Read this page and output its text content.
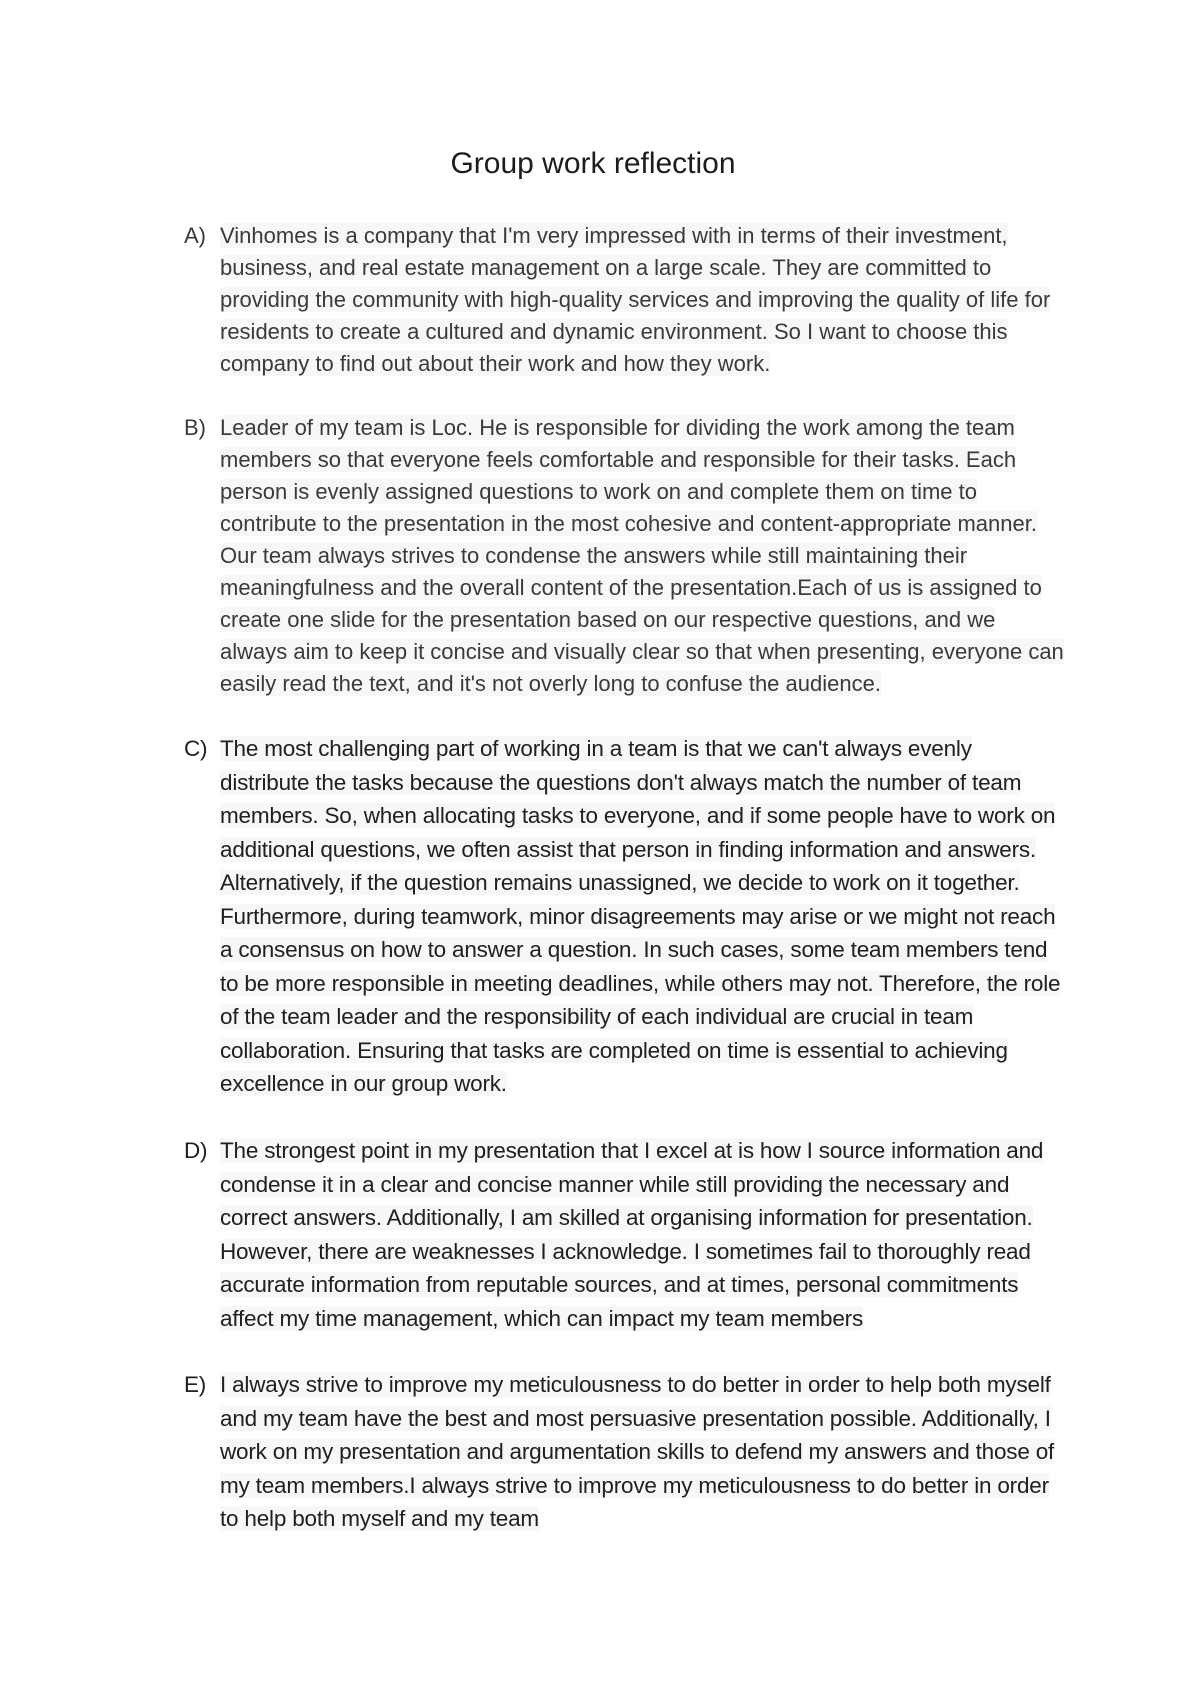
Group work reflection
A) Vinhomes is a company that I'm very impressed with in terms of their investment, business, and real estate management on a large scale. They are committed to providing the community with high-quality services and improving the quality of life for residents to create a cultured and dynamic environment. So I want to choose this company to find out about their work and how they work.
B) Leader of my team is Loc. He is responsible for dividing the work among the team members so that everyone feels comfortable and responsible for their tasks. Each person is evenly assigned questions to work on and complete them on time to contribute to the presentation in the most cohesive and content-appropriate manner. Our team always strives to condense the answers while still maintaining their meaningfulness and the overall content of the presentation.Each of us is assigned to create one slide for the presentation based on our respective questions, and we always aim to keep it concise and visually clear so that when presenting, everyone can easily read the text, and it's not overly long to confuse the audience.
C) The most challenging part of working in a team is that we can't always evenly distribute the tasks because the questions don't always match the number of team members. So, when allocating tasks to everyone, and if some people have to work on additional questions, we often assist that person in finding information and answers. Alternatively, if the question remains unassigned, we decide to work on it together. Furthermore, during teamwork, minor disagreements may arise or we might not reach a consensus on how to answer a question. In such cases, some team members tend to be more responsible in meeting deadlines, while others may not. Therefore, the role of the team leader and the responsibility of each individual are crucial in team collaboration. Ensuring that tasks are completed on time is essential to achieving excellence in our group work.
D) The strongest point in my presentation that I excel at is how I source information and condense it in a clear and concise manner while still providing the necessary and correct answers. Additionally, I am skilled at organising information for presentation. However, there are weaknesses I acknowledge. I sometimes fail to thoroughly read accurate information from reputable sources, and at times, personal commitments affect my time management, which can impact my team members
E) I always strive to improve my meticulousness to do better in order to help both myself and my team have the best and most persuasive presentation possible. Additionally, I work on my presentation and argumentation skills to defend my answers and those of my team members.I always strive to improve my meticulousness to do better in order to help both myself and my team
